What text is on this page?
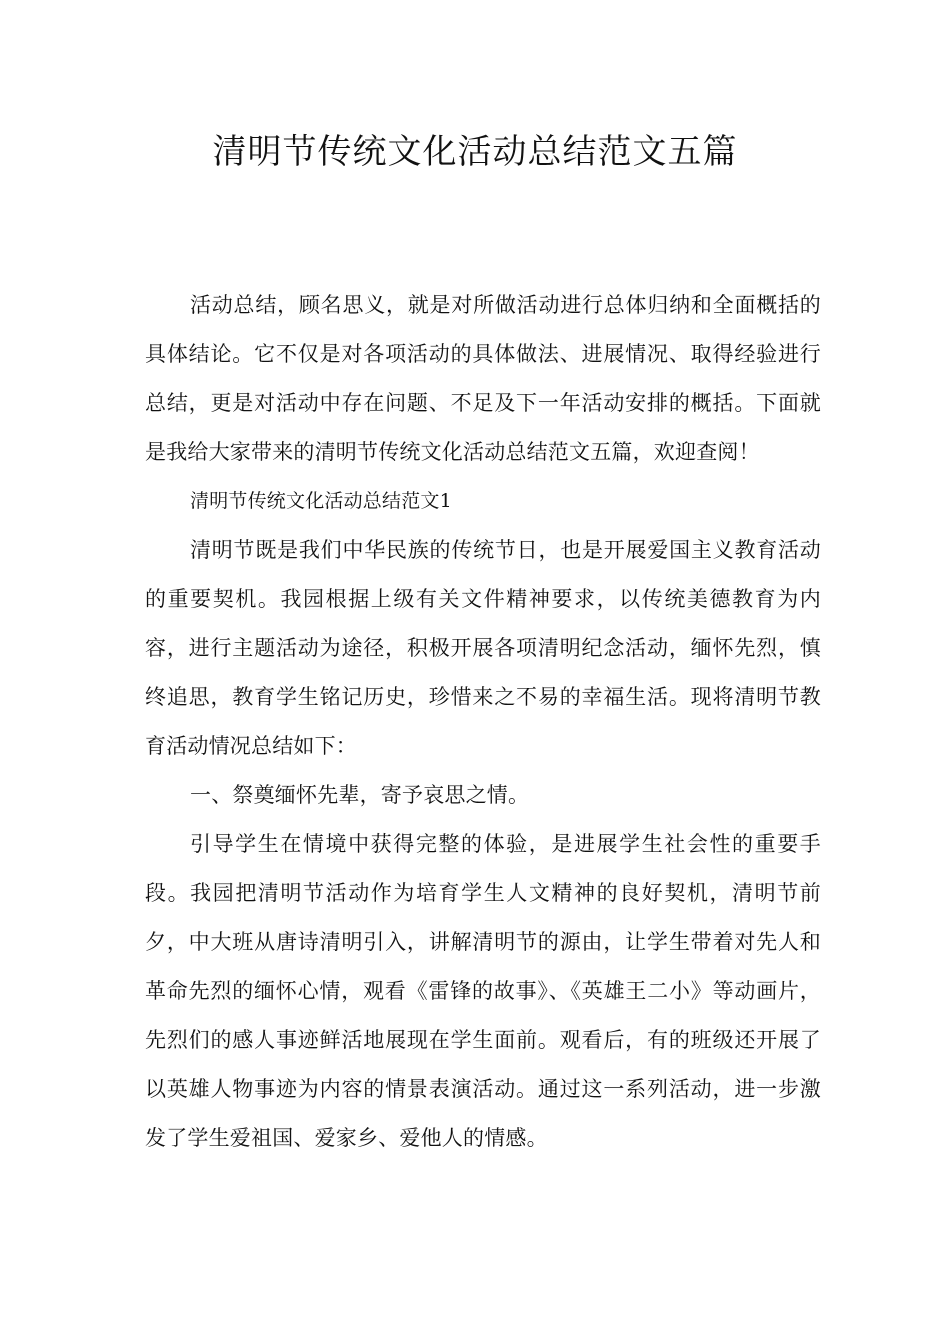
清明节传统文化活动总结范文五篇

活动总结，顾名思义，就是对所做活动进行总体归纳和全面概括的具体结论。它不仅是对各项活动的具体做法、进展情况、取得经验进行总结，更是对活动中存在问题、不足及下一年活动安排的概括。下面就是我给大家带来的清明节传统文化活动总结范文五篇，欢迎查阅！

清明节传统文化活动总结范文1

清明节既是我们中华民族的传统节日，也是开展爱国主义教育活动的重要契机。我园根据上级有关文件精神要求，以传统美德教育为内容，进行主题活动为途径，积极开展各项清明纪念活动，缅怀先烈，慎终追思，教育学生铭记历史，珍惜来之不易的幸福生活。现将清明节教育活动情况总结如下：

一、祭奠缅怀先辈，寄予哀思之情。

引导学生在情境中获得完整的体验，是进展学生社会性的重要手段。我园把清明节活动作为培育学生人文精神的良好契机，清明节前夕，中大班从唐诗清明引入，讲解清明节的源由，让学生带着对先人和革命先烈的缅怀心情，观看《雷锋的故事》、《英雄王二小》等动画片，先烈们的感人事迹鲜活地展现在学生面前。观看后，有的班级还开展了以英雄人物事迹为内容的情景表演活动。通过这一系列活动，进一步激发了学生爱祖国、爱家乡、爱他人的情感。
